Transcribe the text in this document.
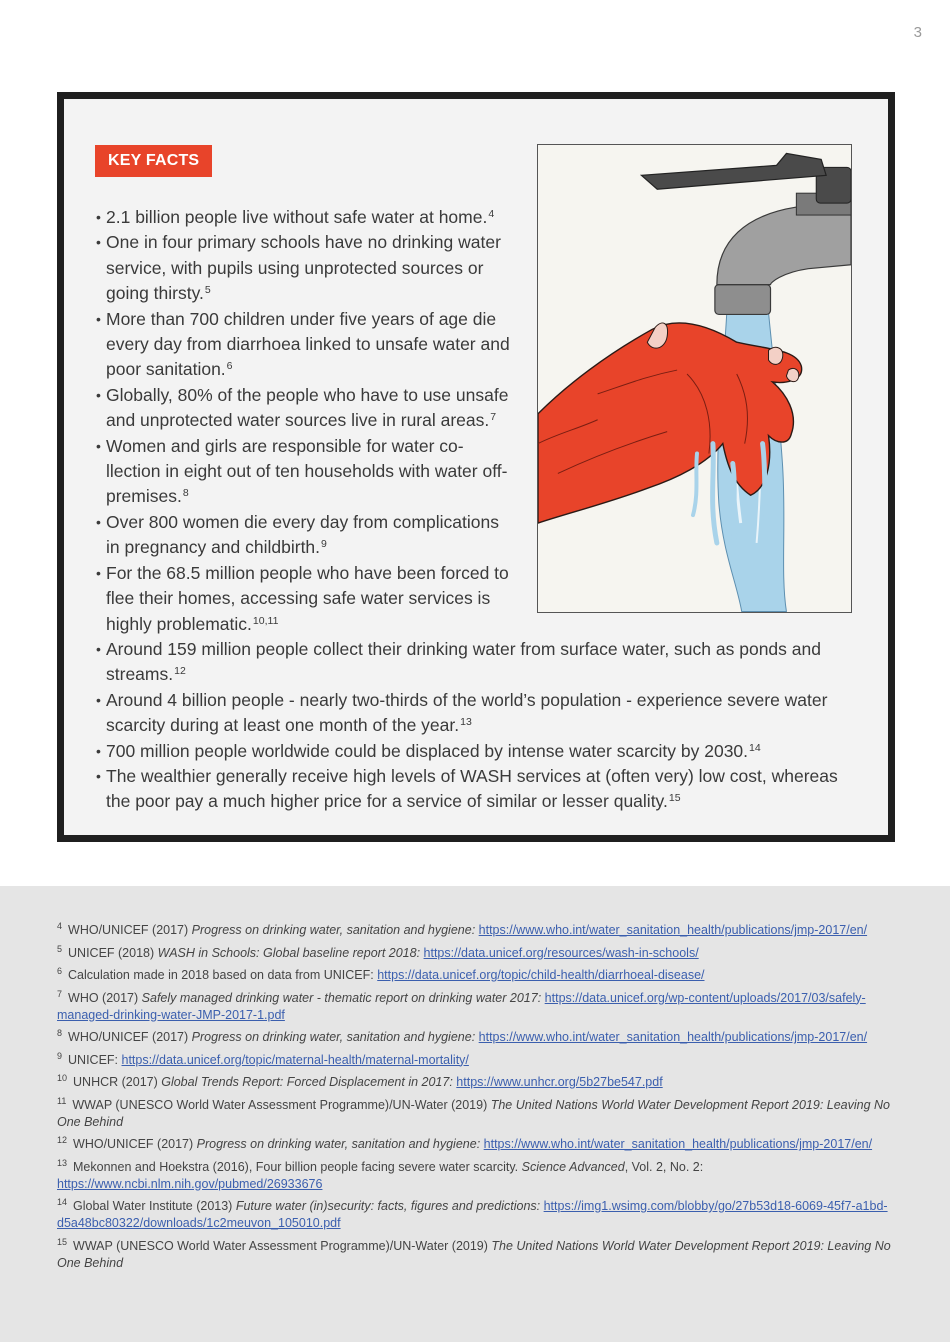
3
KEY FACTS
• 2.1 billion people live without safe water at home.$^4$
• One in four primary schools have no drinking water service, with pupils using unprotected sources or going thirsty.$^5$
• More than 700 children under five years of age die every day from diarrhoea linked to unsafe water and poor sanitation.$^6$
• Globally, 80% of the people who have to use unsafe and unprotected water sources live in rural areas.$^7$
• Women and girls are responsible for water co-llection in eight out of ten households with water off-premises.$^8$
• Over 800 women die every day from complications in pregnancy and childbirth.$^9$
• For the 68.5 million people who have been forced to flee their homes, accessing safe water services is highly problematic.$^{10,11}$
• Around 159 million people collect their drinking water from surface water, such as ponds and streams.$^{12}$
• Around 4 billion people - nearly two-thirds of the world’s population - experience severe water scarcity during at least one month of the year.$^{13}$
• 700 million people worldwide could be displaced by intense water scarcity by 2030.14
• The wealthier generally receive high levels of WASH services at (often very) low cost, whereas the poor pay a much higher price for a service of similar or lesser quality.$^{15}$
$^4$ WHO/UNICEF (2017) Progress on drinking water, sanitation and hygiene: https://www.who.int/water_sanitation_health/publications/jmp-2017/en/
$^5$ UNICEF (2018) WASH in Schools: Global baseline report 2018: https://data.unicef.org/resources/wash-in-schools/
$^6$ Calculation made in 2018 based on data from UNICEF: https://data.unicef.org/topic/child-health/diarrhoeal-disease/
$^7$ WHO (2017) Safely managed drinking water - thematic report on drinking water 2017: https://data.unicef.org/wp-content/uploads/2017/03/safely-managed-drinking-water-JMP-2017-1.pdf
$^8$ WHO/UNICEF (2017) Progress on drinking water, sanitation and hygiene: https://www.who.int/water_sanitation_health/publications/jmp-2017/en/
$^9$ UNICEF: https://data.unicef.org/topic/maternal-health/maternal-mortality/
$^{10}$ UNHCR (2017) Global Trends Report: Forced Displacement in 2017: https://www.unhcr.org/5b27be547.pdf
$^{11}$ WWAP (UNESCO World Water Assessment Programme)/UN-Water (2019) The United Nations World Water Development Report 2019: Leaving No One Behind
$^{12}$ WHO/UNICEF (2017) Progress on drinking water, sanitation and hygiene: https://www.who.int/water_sanitation_health/publications/jmp-2017/en/
$^{13}$ Mekonnen and Hoekstra (2016), Four billion people facing severe water scarcity. Science Advanced, Vol. 2, No. 2: https://www.ncbi.nlm.nih.gov/pubmed/26933676
$^{14}$ Global Water Institute (2013) Future water (in)security: facts, figures and predictions: https://img1.wsimg.com/blobby/go/27b53d18-6069-45f7-a1bd-d5a48bc80322/downloads/1c2meuvon_105010.pdf
$^{15}$ WWAP (UNESCO World Water Assessment Programme)/UN-Water (2019) The United Nations World Water Development Report 2019: Leaving No One Behind
